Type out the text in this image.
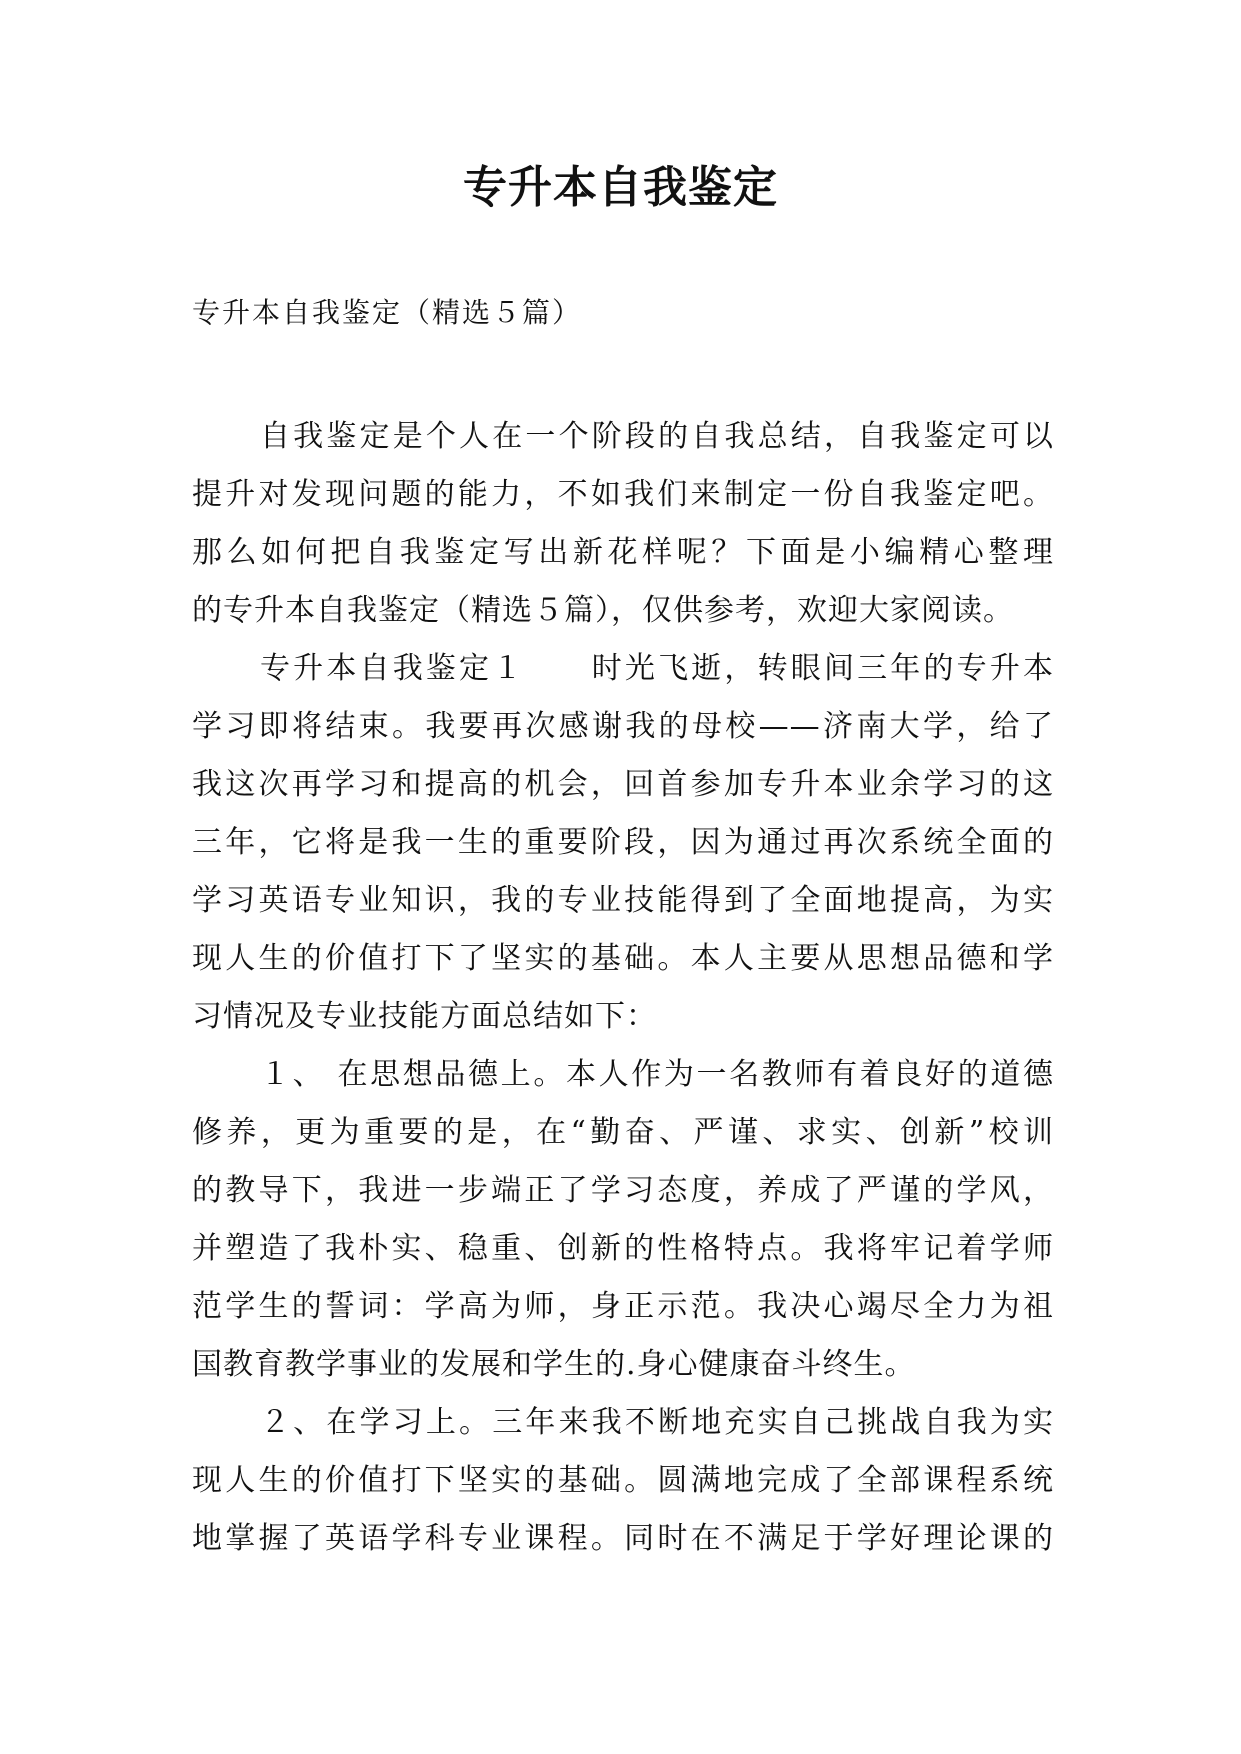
专升本自我鉴定
专升本自我鉴定（精选５篇）
自我鉴定是个人在一个阶段的自我总结，自我鉴定可以
提升对发现问题的能力，不如我们来制定一份自我鉴定吧。
那么如何把自我鉴定写出新花样呢？下面是小编精心整理
的专升本自我鉴定（精选５篇），仅供参考，欢迎大家阅读。
专升本自我鉴定１　　时光飞逝，转眼间三年的专升本
学习即将结束。我要再次感谢我的母校——济南大学，给了
我这次再学习和提高的机会，回首参加专升本业余学习的这
三年，它将是我一生的重要阶段，因为通过再次系统全面的
学习英语专业知识，我的专业技能得到了全面地提高，为实
现人生的价值打下了坚实的基础。本人主要从思想品德和学
习情况及专业技能方面总结如下：
１、 在思想品德上。本人作为一名教师有着良好的道德
修养，更为重要的是，在“勤奋、严谨、求实、创新”校训
的教导下，我进一步端正了学习态度，养成了严谨的学风，
并塑造了我朴实、稳重、创新的性格特点。我将牢记着学师
范学生的誓词：学高为师，身正示范。我决心竭尽全力为祖
国教育教学事业的发展和学生的.身心健康奋斗终生。
２、在学习上。三年来我不断地充实自己挑战自我为实
现人生的价值打下坚实的基础。圆满地完成了全部课程系统
地掌握了英语学科专业课程。同时在不满足于学好理论课的
